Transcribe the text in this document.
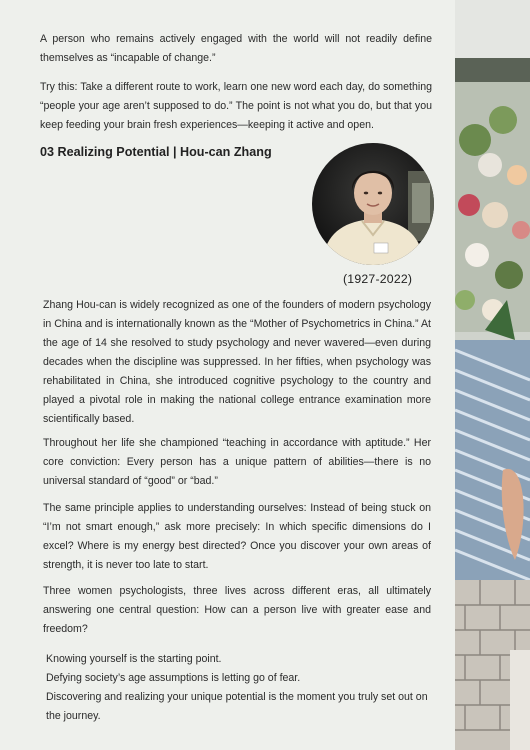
A person who remains actively engaged with the world will not readily define themselves as “incapable of change.”

Try this: Take a different route to work, learn one new word each day, do something “people your age aren’t supposed to do.” The point is not what you do, but that you keep feeding your brain fresh experiences—keeping it active and open.

03 Realizing Potential | Hou-can Zhang
(1927-2022)

Zhang Hou-can is widely recognized as one of the founders of modern psychology in China and is internationally known as the “Mother of Psychometrics in China.” At the age of 14 she resolved to study psychology and never wavered—even during decades when the discipline was suppressed. In her fifties, when psychology was rehabilitated in China, she introduced cognitive psychology to the country and played a pivotal role in making the national college entrance examination more scientifically based.

Throughout her life she championed “teaching in accordance with aptitude.” Her core conviction: Every person has a unique pattern of abilities—there is no universal standard of “good” or “bad.”

The same principle applies to understanding ourselves: Instead of being stuck on “I’m not smart enough,” ask more precisely: In which specific dimensions do I excel? Where is my energy best directed? Once you discover your own areas of strength, it is never too late to start.

Three women psychologists, three lives across different eras, all ultimately answering one central question: How can a person live with greater ease and freedom?

Knowing yourself is the starting point.
Defying society’s age assumptions is letting go of fear.
Discovering and realizing your unique potential is the moment you truly set out on
the journey.
